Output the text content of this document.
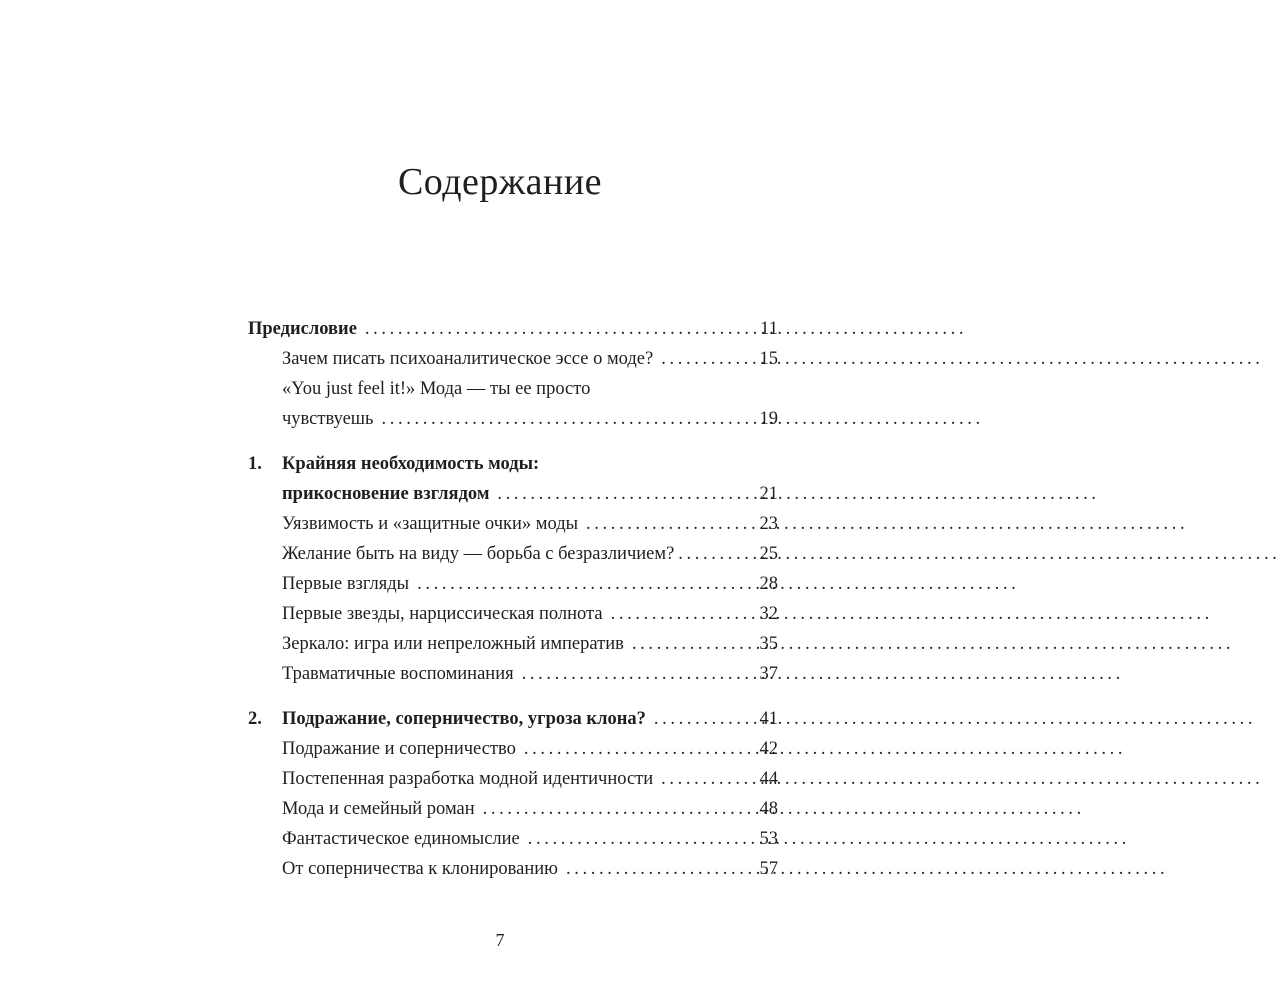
Содержание
Предисловие . . .	11
Зачем писать психоаналитическое эссе о моде? . . .	15
«You just feel it!» Мода — ты ее просто
чувствуешь . . .	19
1.	Крайняя необходимость моды:
прикосновение взглядом . . .	21
Уязвимость и «защитные очки» моды . . .	23
Желание быть на виду — борьба с безразличием? . . .	25
Первые взгляды . . .	28
Первые звезды, нарциссическая полнота . . .	32
Зеркало: игра или непреложный императив . . .	35
Травматичные воспоминания . . .	37
2.	Подражание, соперничество, угроза клона? . . .	41
Подражание и соперничество . . .	42
Постепенная разработка модной идентичности . . .	44
Мода и семейный роман . . .	48
Фантастическое единомыслие . . .	53
От соперничества к клонированию . . .	57
7
